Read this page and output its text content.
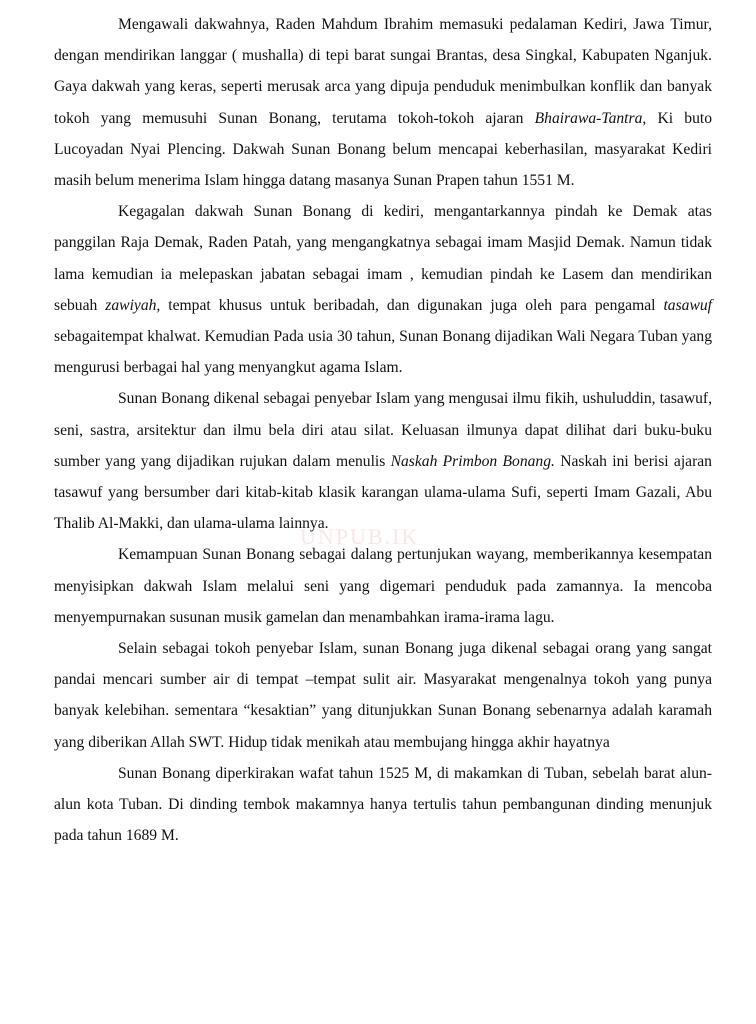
UNPUB.IK

Mengawali dakwahnya, Raden Mahdum Ibrahim memasuki pedalaman Kediri, Jawa Timur, dengan mendirikan langgar ( mushalla) di tepi barat sungai Brantas, desa Singkal, Kabupaten Nganjuk. Gaya dakwah yang keras, seperti merusak arca yang dipuja penduduk menimbulkan konflik dan banyak tokoh yang memusuhi Sunan Bonang, terutama tokoh-tokoh ajaran Bhairawa-Tantra, Ki buto Lucoyadan Nyai Plencing. Dakwah Sunan Bonang belum mencapai keberhasilan, masyarakat Kediri masih belum menerima Islam hingga datang masanya Sunan Prapen tahun 1551 M.

Kegagalan dakwah Sunan Bonang di kediri, mengantarkannya pindah ke Demak atas panggilan Raja Demak, Raden Patah, yang mengangkatnya sebagai imam Masjid Demak. Namun tidak lama kemudian ia melepaskan jabatan sebagai imam , kemudian pindah ke Lasem dan mendirikan sebuah zawiyah, tempat khusus untuk beribadah, dan digunakan juga oleh para pengamal tasawuf sebagaitempat khalwat. Kemudian Pada usia 30 tahun, Sunan Bonang dijadikan Wali Negara Tuban yang mengurusi berbagai hal yang menyangkut agama Islam.

Sunan Bonang dikenal sebagai penyebar Islam yang mengusai ilmu fikih, ushuluddin, tasawuf, seni, sastra, arsitektur dan ilmu bela diri atau silat. Keluasan ilmunya dapat dilihat dari buku-buku sumber yang yang dijadikan rujukan dalam menulis Naskah Primbon Bonang. Naskah ini berisi ajaran tasawuf yang bersumber dari kitab-kitab klasik karangan ulama-ulama Sufi, seperti Imam Gazali, Abu Thalib Al-Makki, dan ulama-ulama lainnya.

Kemampuan Sunan Bonang sebagai dalang pertunjukan wayang, memberikannya kesempatan menyisipkan dakwah Islam melalui seni yang digemari penduduk pada zamannya. Ia mencoba menyempurnakan susunan musik gamelan dan menambahkan irama-irama lagu.

Selain sebagai tokoh penyebar Islam, sunan Bonang juga dikenal sebagai orang yang sangat pandai mencari sumber air di tempat –tempat sulit air. Masyarakat mengenalnya tokoh yang punya banyak kelebihan. sementara “kesaktian” yang ditunjukkan Sunan Bonang sebenarnya adalah karamah yang diberikan Allah SWT. Hidup tidak menikah atau membujang hingga akhir hayatnya

Sunan Bonang diperkirakan wafat tahun 1525 M, di makamkan di Tuban, sebelah barat alun-alun kota Tuban. Di dinding tembok makamnya hanya tertulis tahun pembangunan dinding menunjuk pada tahun 1689 M.
